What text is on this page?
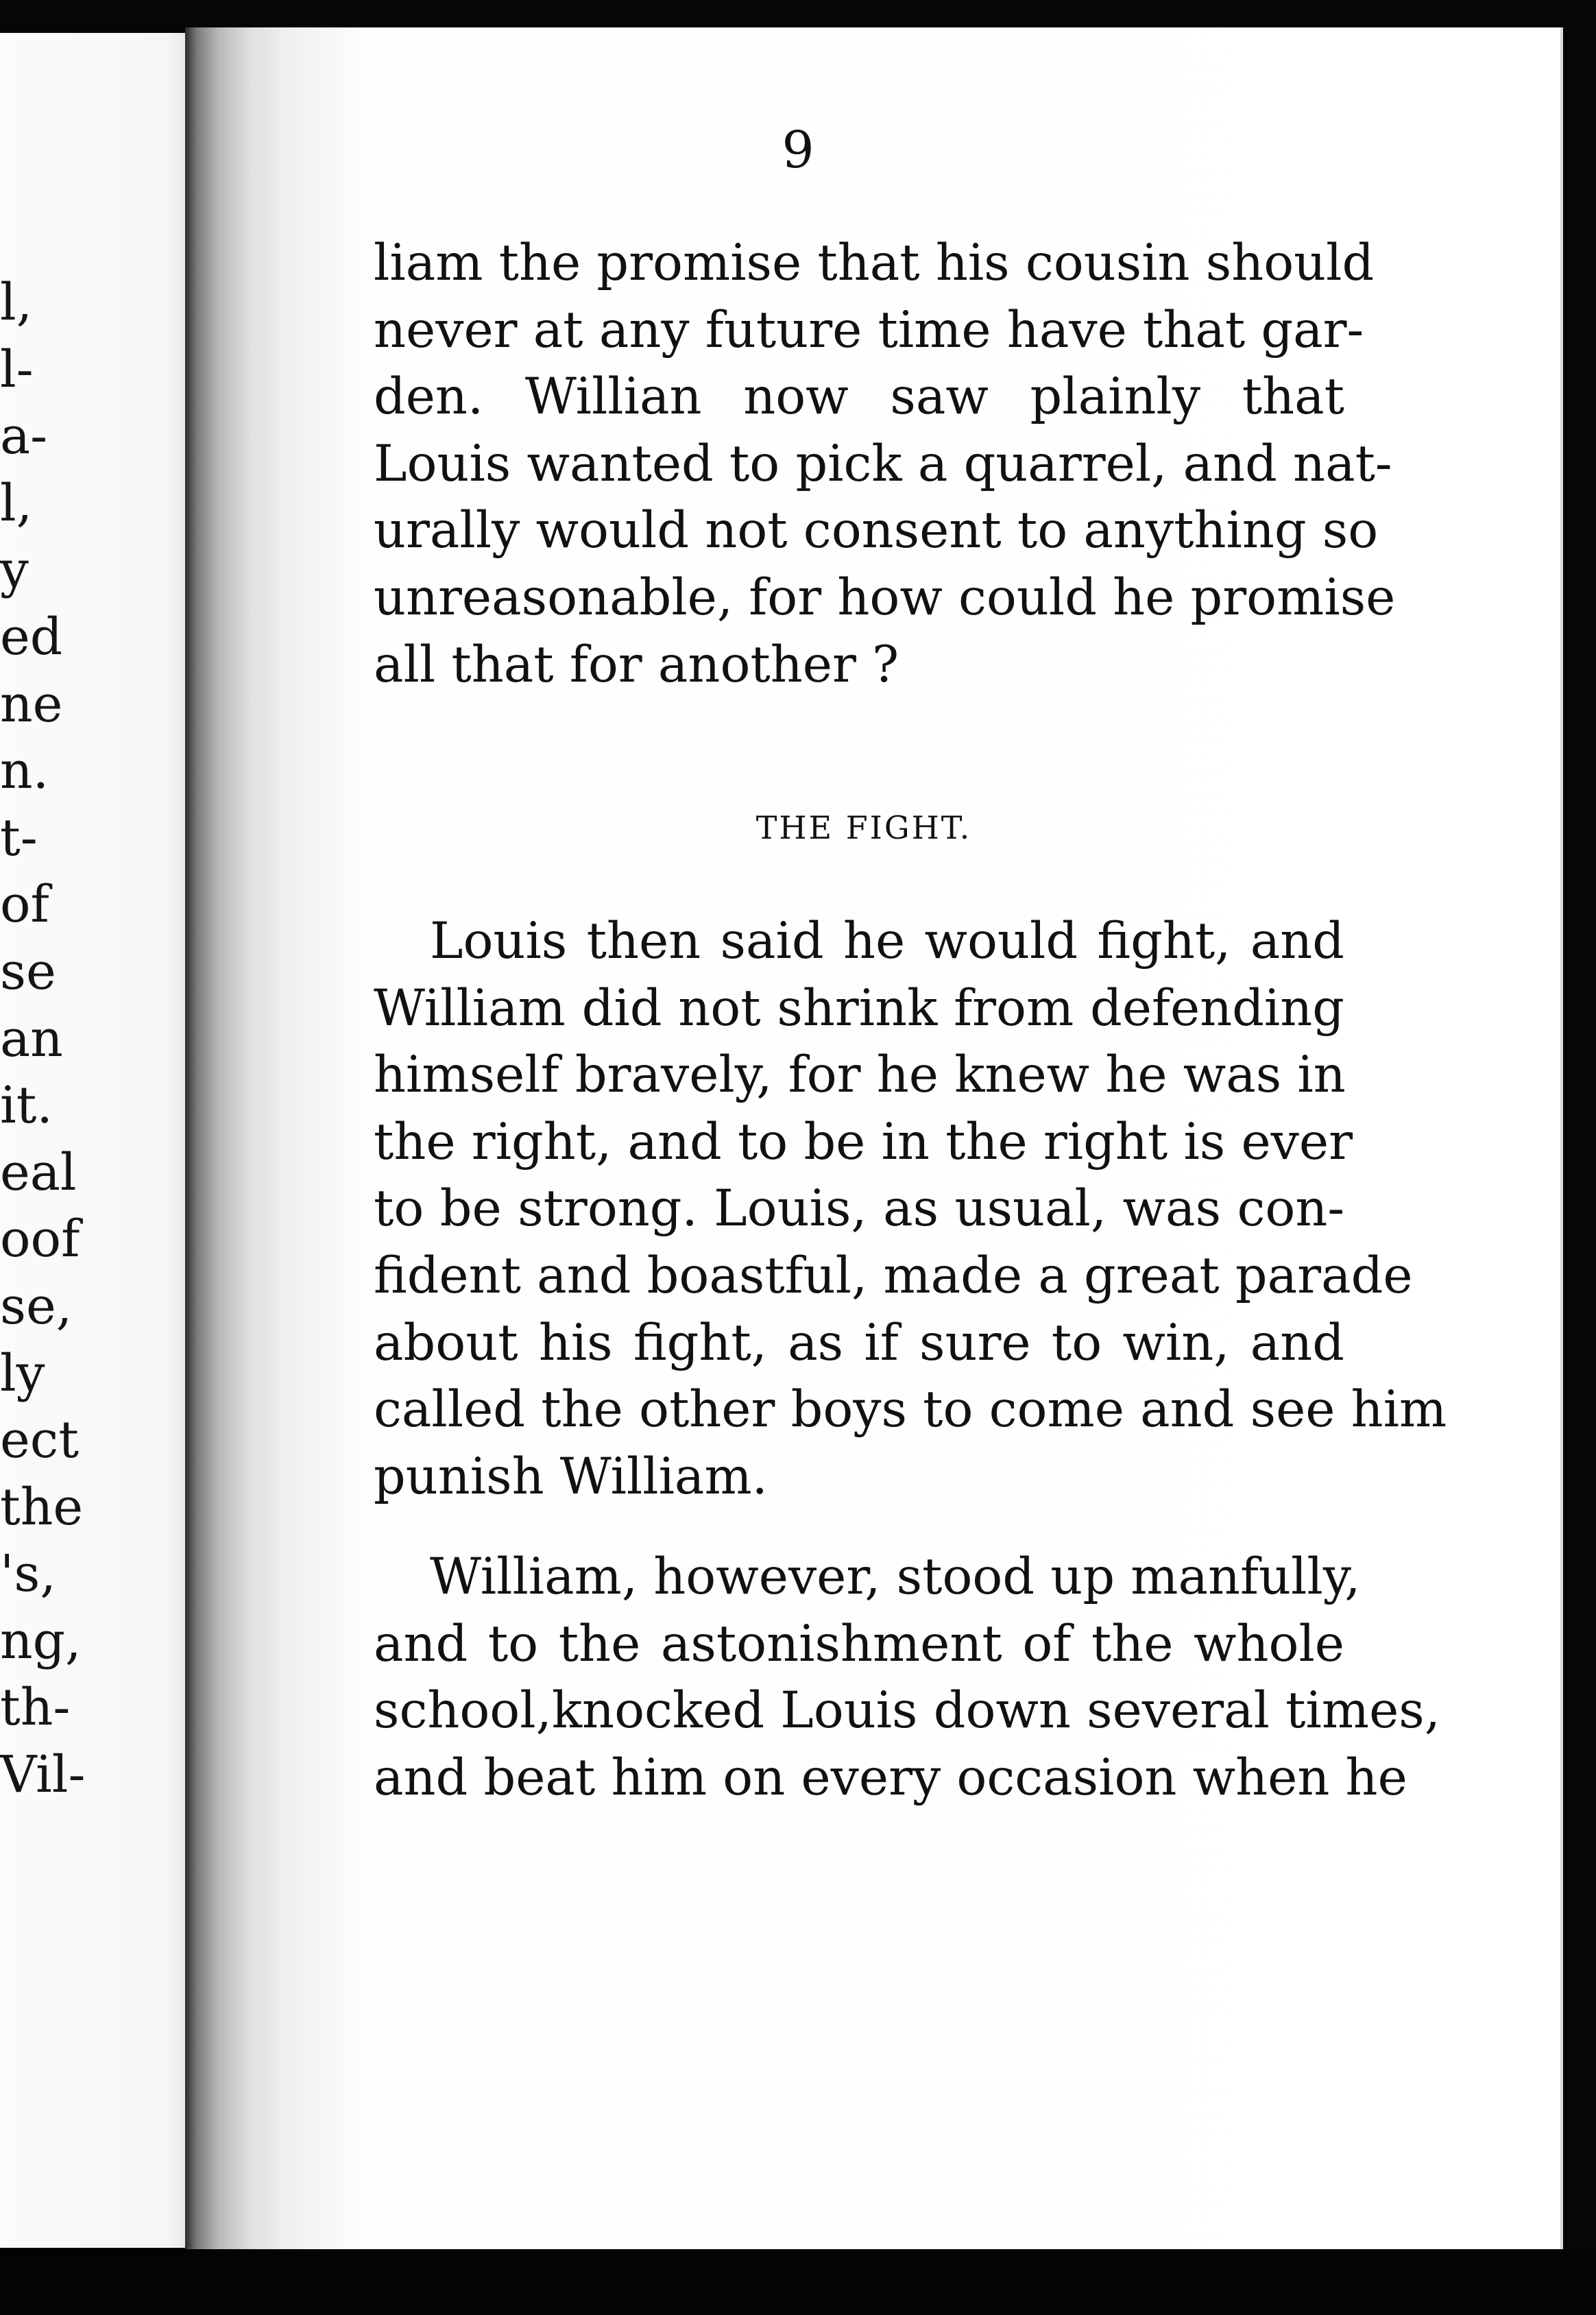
l,
l-
a-
l,
y
ed
ne
n.
t-
of
se
an
it.
eal
oof
se,
ly
ect
the
's,
ng,
th-
Vil-
9
liam the promise that his cousin should
never at any future time have that gar-
den. Willian now saw plainly that
Louis wanted to pick a quarrel, and nat-
urally would not consent to anything so
unreasonable, for how could he promise
all that for another ?
THE FIGHT.
Louis then said he would fight, and
William did not shrink from defending
himself bravely, for he knew he was in
the right, and to be in the right is ever
to be strong. Louis, as usual, was con-
fident and boastful, made a great parade
about his fight, as if sure to win, and
called the other boys to come and see him
punish William.
William, however, stood up manfully,
and to the astonishment of the whole
school,knocked Louis down several times,
and beat him on every occasion when he
